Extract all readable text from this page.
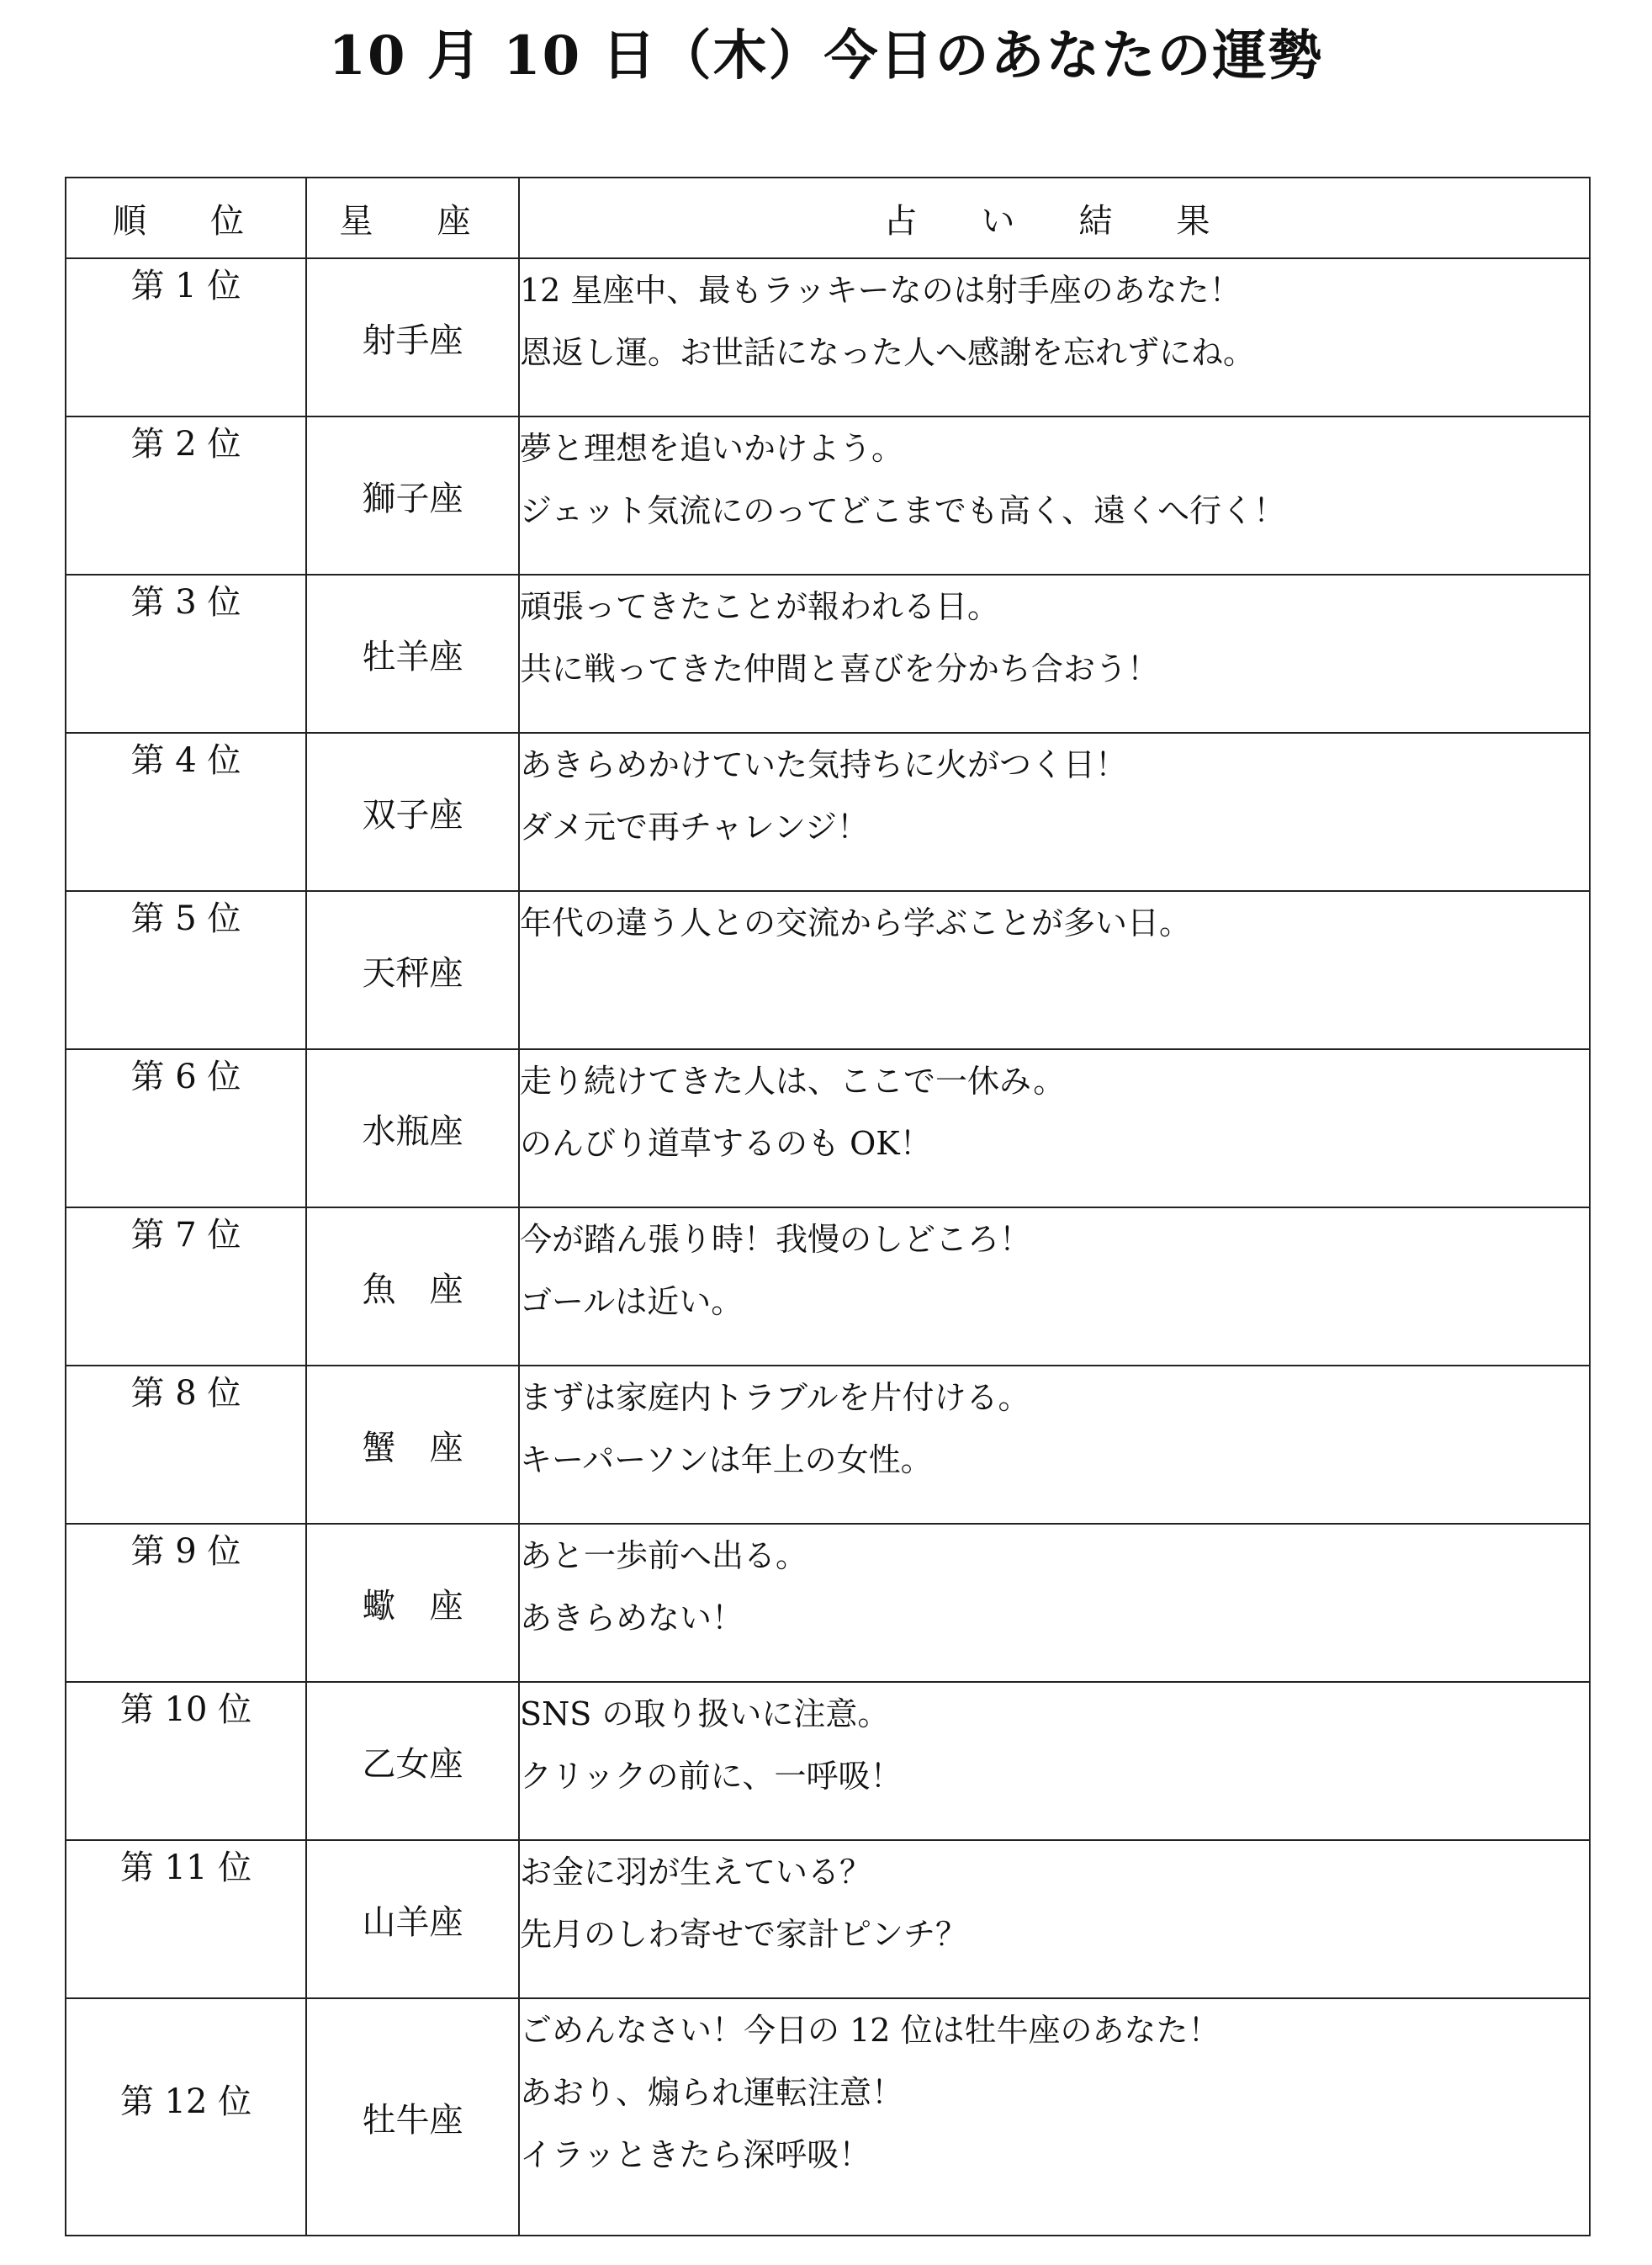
10 月 10 日（木）今日のあなたの運勢
順　位	星　座	占　い　結　果
第 1 位	射手座	12 星座中、最もラッキーなのは射手座のあなた！
恩返し運。お世話になった人へ感謝を忘れずにね。

第 2 位	獅子座	夢と理想を追いかけよう。
ジェット気流にのってどこまでも高く、遠くへ行く！

第 3 位	牡羊座	頑張ってきたことが報われる日。
共に戦ってきた仲間と喜びを分かち合おう！

第 4 位	双子座	あきらめかけていた気持ちに火がつく日！
ダメ元で再チャレンジ！

第 5 位	天秤座	年代の違う人との交流から学ぶことが多い日。

第 6 位	水瓶座	走り続けてきた人は、ここで一休み。
のんびり道草するのも OK！

第 7 位	魚　座	今が踏ん張り時！我慢のしどころ！
ゴールは近い。

第 8 位	蟹　座	まずは家庭内トラブルを片付ける。
キーパーソンは年上の女性。

第 9 位	蠍　座	あと一歩前へ出る。
あきらめない！

第 10 位	乙女座	SNS の取り扱いに注意。
クリックの前に、一呼吸！

第 11 位	山羊座	お金に羽が生えている？
先月のしわ寄せで家計ピンチ？

第 12 位	牡牛座	ごめんなさい！今日の 12 位は牡牛座のあなた！
あおり、煽られ運転注意！
イラッときたら深呼吸！
